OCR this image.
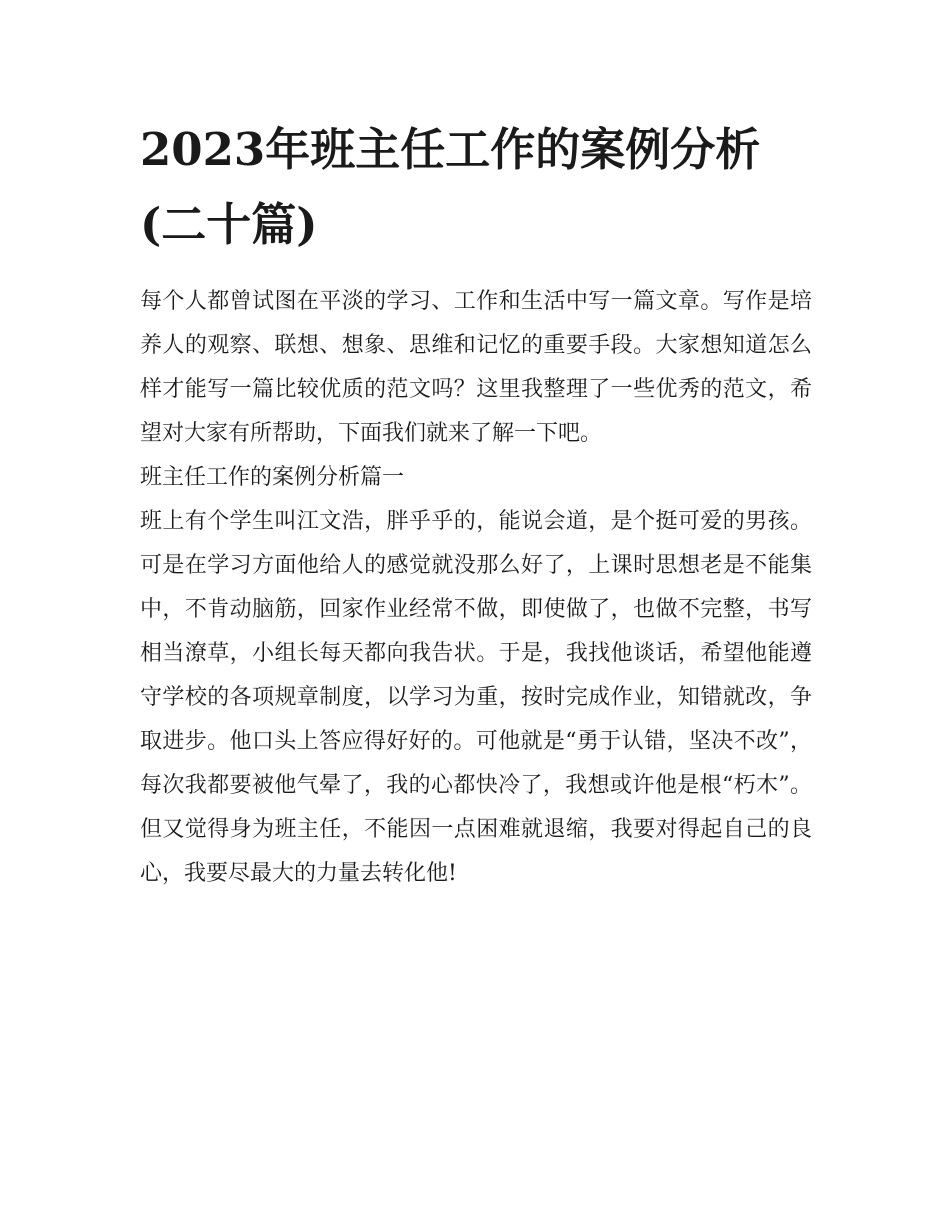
2023年班主任工作的案例分析(二十篇)

每个人都曾试图在平淡的学习、工作和生活中写一篇文章。写作是培养人的观察、联想、想象、思维和记忆的重要手段。大家想知道怎么样才能写一篇比较优质的范文吗？这里我整理了一些优秀的范文，希望对大家有所帮助，下面我们就来了解一下吧。

班主任工作的案例分析篇一

班上有个学生叫江文浩，胖乎乎的，能说会道，是个挺可爱的男孩。可是在学习方面他给人的感觉就没那么好了，上课时思想老是不能集中，不肯动脑筋，回家作业经常不做，即使做了，也做不完整，书写相当潦草，小组长每天都向我告状。于是，我找他谈话，希望他能遵守学校的各项规章制度，以学习为重，按时完成作业，知错就改，争取进步。他口头上答应得好好的。可他就是“勇于认错，坚决不改”，每次我都要被他气晕了，我的心都快冷了，我想或许他是根“朽木”。但又觉得身为班主任，不能因一点困难就退缩，我要对得起自己的良心，我要尽最大的力量去转化他!
